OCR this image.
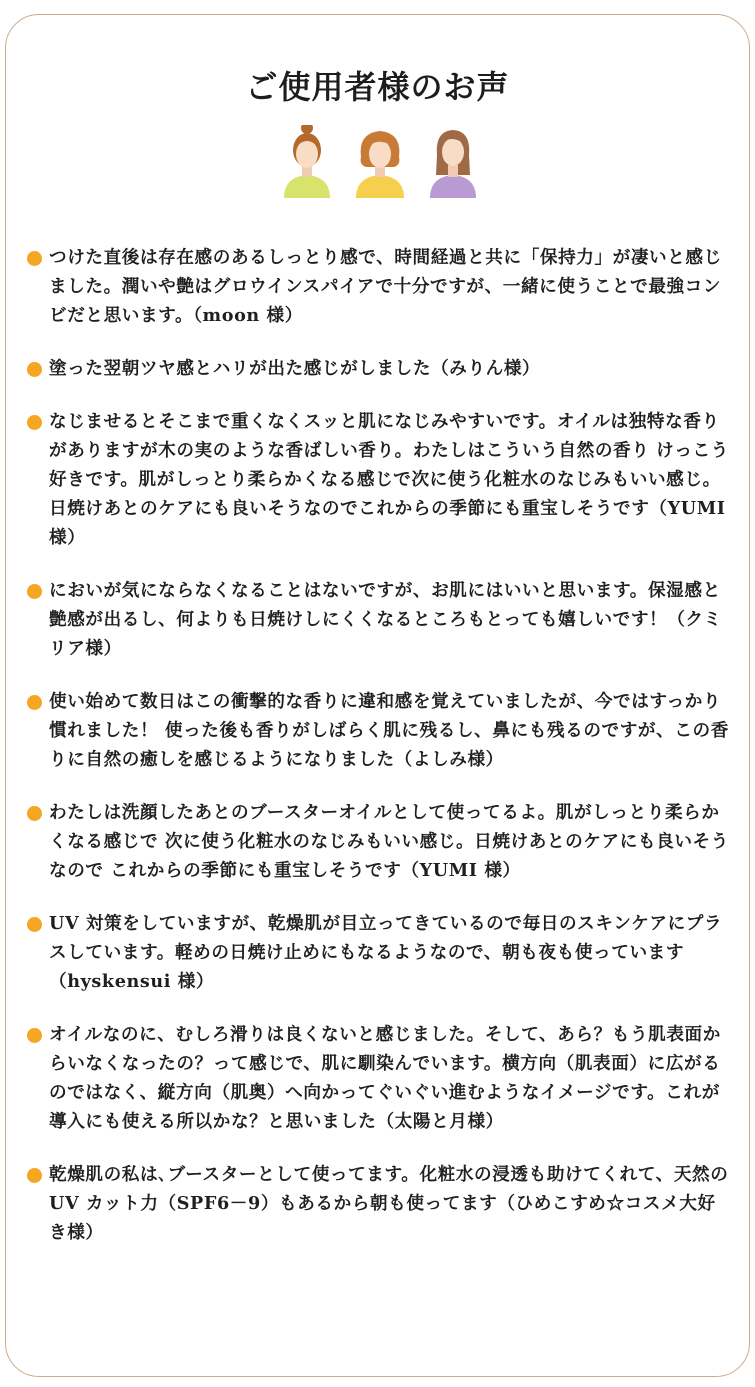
ご使用者様のお声
つけた直後は存在感のあるしっとり感で、時間経過と共に「保持力」が凄いと感じました。潤いや艶はグロウインスパイアで十分ですが、一緒に使うことで最強コンビだと思います。（moon 様）
塗った翌朝ツヤ感とハリが出た感じがしました（みりん様）
なじませるとそこまで重くなくスッと肌になじみやすいです。オイルは独特な香りがありますが木の実のような香ばしい香り。わたしはこういう自然の香り けっこう好きです。肌がしっとり柔らかくなる感じで次に使う化粧水のなじみもいい感じ。日焼けあとのケアにも良いそうなのでこれからの季節にも重宝しそうです（YUMI 様）
においが気にならなくなることはないですが、お肌にはいいと思います。保湿感と艶感が出るし、何よりも日焼けしにくくなるところもとっても嬉しいです！（クミリア様）
使い始めて数日はこの衝撃的な香りに違和感を覚えていましたが、今ではすっかり慣れました！ 使った後も香りがしばらく肌に残るし、鼻にも残るのですが、この香りに自然の癒しを感じるようになりました（よしみ様）
わたしは洗顔したあとのブースターオイルとして使ってるよ。肌がしっとり柔らかくなる感じで 次に使う化粧水のなじみもいい感じ。日焼けあとのケアにも良いそうなので これからの季節にも重宝しそうです（YUMI 様）
UV 対策をしていますが、乾燥肌が目立ってきているので毎日のスキンケアにプラスしています。軽めの日焼け止めにもなるようなので、朝も夜も使っています（hyskensui 様）
オイルなのに、むしろ滑りは良くないと感じました。そして、あら？もう肌表面からいなくなったの？って感じで、肌に馴染んでいます。横方向（肌表面）に広がるのではなく、縦方向（肌奥）へ向かってぐいぐい進むようなイメージです。これが導入にも使える所以かな？と思いました（太陽と月様）
乾燥肌の私は､ブースターとして使ってます。化粧水の浸透も助けてくれて、天然の UV カット力（SPF6－9）もあるから朝も使ってます（ひめこすめ☆コスメ大好き様）
